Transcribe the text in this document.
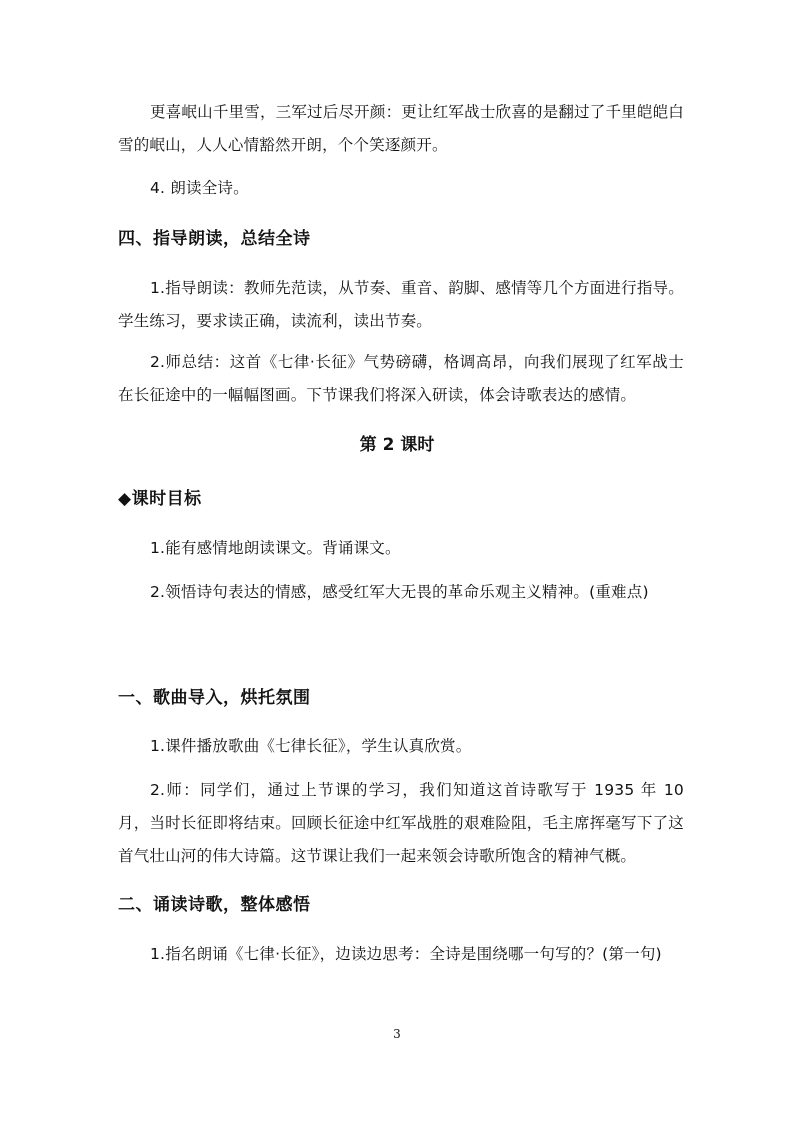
更喜岷山千里雪，三军过后尽开颜：更让红军战士欣喜的是翻过了千里皑皑白雪的岷山，人人心情豁然开朗，个个笑逐颜开。

4. 朗读全诗。

四、指导朗读，总结全诗

1.指导朗读：教师先范读，从节奏、重音、韵脚、感情等几个方面进行指导。学生练习，要求读正确，读流利，读出节奏。

2.师总结：这首《七律·长征》气势磅礴，格调高昂，向我们展现了红军战士在长征途中的一幅幅图画。下节课我们将深入研读，体会诗歌表达的感情。

第 2 课时
◆课时目标

1.能有感情地朗读课文。背诵课文。

2.领悟诗句表达的情感，感受红军大无畏的革命乐观主义精神。(重难点)

一、歌曲导入，烘托氛围

1.课件播放歌曲《七律长征》，学生认真欣赏。

2.师：同学们，通过上节课的学习，我们知道这首诗歌写于 1935 年 10 月，当时长征即将结束。回顾长征途中红军战胜的艰难险阻，毛主席挥毫写下了这首气壮山河的伟大诗篇。这节课让我们一起来领会诗歌所饱含的精神气概。

二、诵读诗歌，整体感悟

1.指名朗诵《七律·长征》，边读边思考：全诗是围绕哪一句写的？(第一句)

3
